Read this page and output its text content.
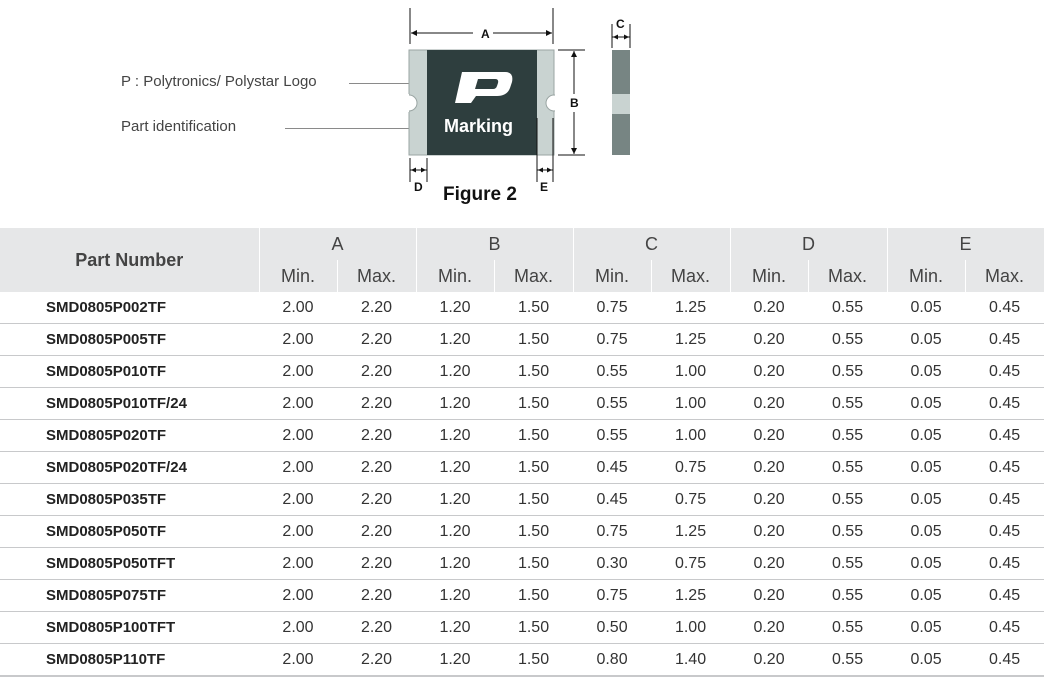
P : Polytronics/ Polystar Logo
Part identification	Marking
A
B
C
D	E
Figure 2
Part Number	A		B		C		D		E	
	Min.	Max.	Min.	Max.	Min.	Max.	Min.	Max.	Min.	Max.
SMD0805P002TF	2.00	2.20	1.20	1.50	0.75	1.25	0.20	0.55	0.05	0.45
SMD0805P005TF	2.00	2.20	1.20	1.50	0.75	1.25	0.20	0.55	0.05	0.45
SMD0805P010TF	2.00	2.20	1.20	1.50	0.55	1.00	0.20	0.55	0.05	0.45
SMD0805P010TF/24	2.00	2.20	1.20	1.50	0.55	1.00	0.20	0.55	0.05	0.45
SMD0805P020TF	2.00	2.20	1.20	1.50	0.55	1.00	0.20	0.55	0.05	0.45
SMD0805P020TF/24	2.00	2.20	1.20	1.50	0.45	0.75	0.20	0.55	0.05	0.45
SMD0805P035TF	2.00	2.20	1.20	1.50	0.45	0.75	0.20	0.55	0.05	0.45
SMD0805P050TF	2.00	2.20	1.20	1.50	0.75	1.25	0.20	0.55	0.05	0.45
SMD0805P050TFT	2.00	2.20	1.20	1.50	0.30	0.75	0.20	0.55	0.05	0.45
SMD0805P075TF	2.00	2.20	1.20	1.50	0.75	1.25	0.20	0.55	0.05	0.45
SMD0805P100TFT	2.00	2.20	1.20	1.50	0.50	1.00	0.20	0.55	0.05	0.45
SMD0805P110TF	2.00	2.20	1.20	1.50	0.80	1.40	0.20	0.55	0.05	0.45
